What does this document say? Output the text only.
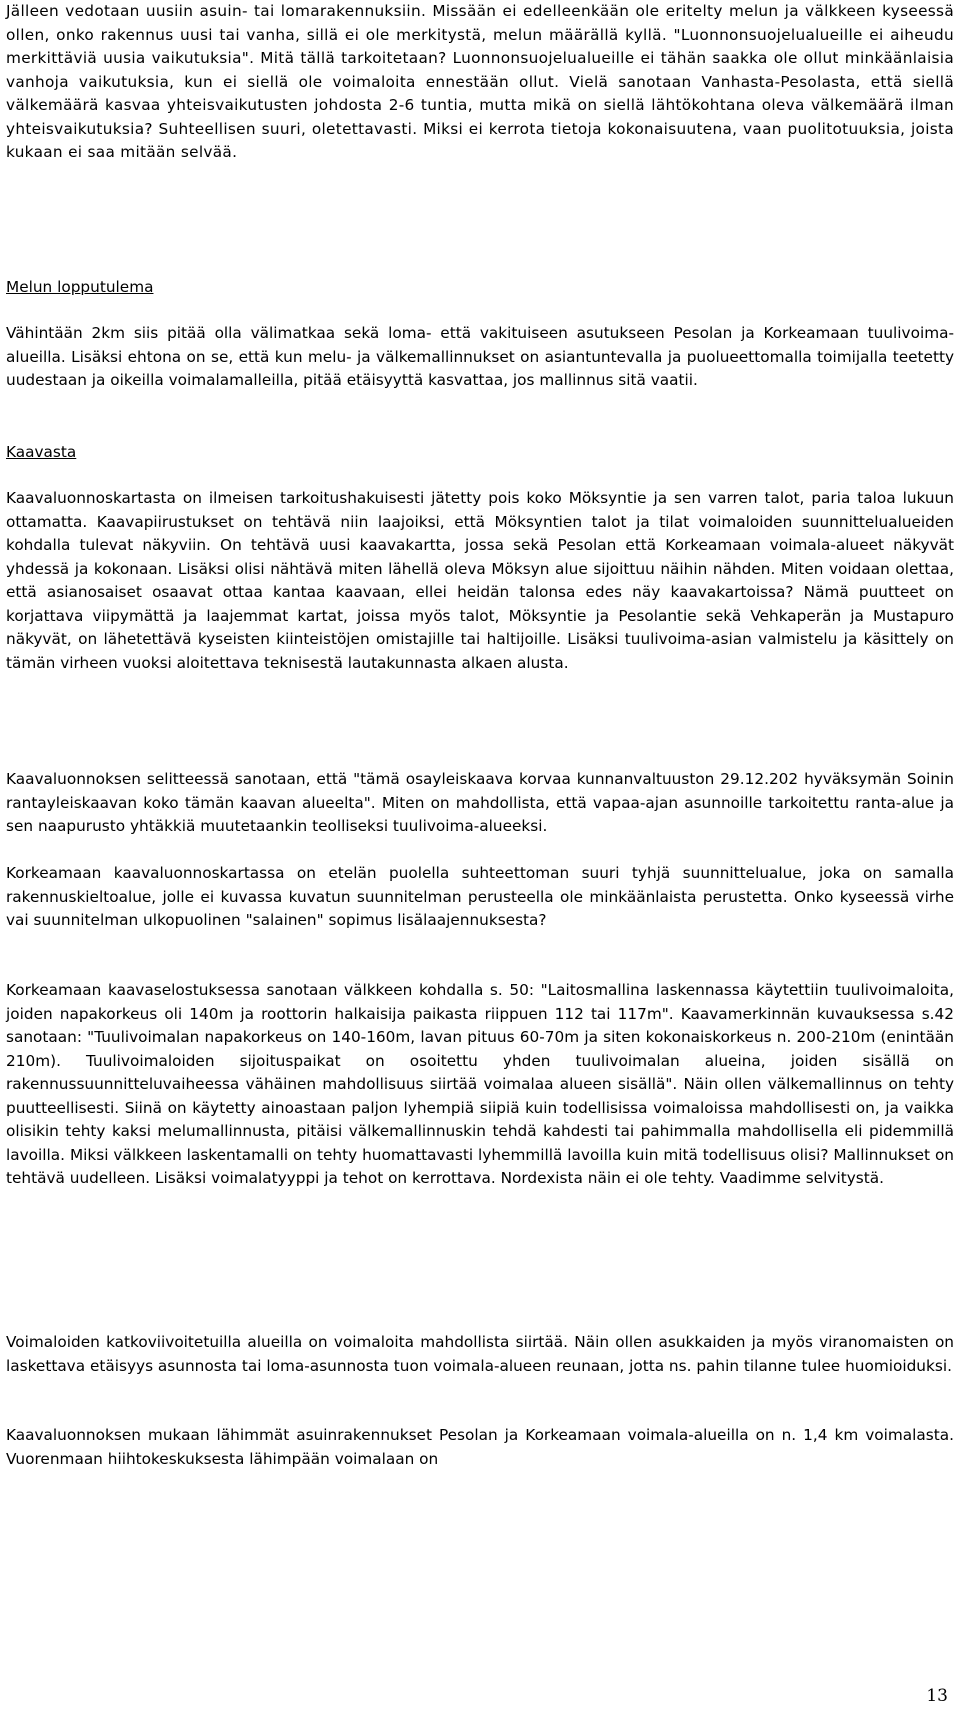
Jälleen vedotaan uusiin asuin- tai lomarakennuksiin. Missään ei edelleenkään ole eritelty melun ja välkkeen kyseessä ollen, onko rakennus uusi tai vanha, sillä ei ole merkitystä, melun määrällä kyllä. "Luonnonsuojelualueille ei aiheudu merkittäviä uusia vaikutuksia". Mitä tällä tarkoitetaan? Luonnonsuojelualueille ei tähän saakka ole ollut minkäänlaisia vanhoja vaikutuksia, kun ei siellä ole voimaloita ennestään ollut. Vielä sanotaan Vanhasta-Pesolasta, että siellä välkemäärä kasvaa yhteisvaikutusten johdosta 2-6 tuntia, mutta mikä on siellä lähtökohtana oleva välkemäärä ilman yhteisvaikutuksia? Suhteellisen suuri, oletettavasti. Miksi ei kerrota tietoja kokonaisuutena, vaan puolitotuuksia, joista kukaan ei saa mitään selvää.

Melun lopputulema

Vähintään 2km siis pitää olla välimatkaa sekä loma- että vakituiseen asutukseen Pesolan ja Korkeamaan tuulivoima-alueilla. Lisäksi ehtona on se, että kun melu- ja välkemallinnukset on asiantuntevalla ja puolueettomalla toimijalla teetetty uudestaan ja oikeilla voimalamalleilla, pitää etäisyyttä kasvattaa, jos mallinnus sitä vaatii.

Kaavasta

Kaavaluonnoskartasta on ilmeisen tarkoitushakuisesti jätetty pois koko Möksyntie ja sen varren talot, paria taloa lukuun ottamatta. Kaavapiirustukset on tehtävä niin laajoiksi, että Möksyntien talot ja tilat voimaloiden suunnittelualueiden kohdalla tulevat näkyviin. On tehtävä uusi kaavakartta, jossa sekä Pesolan että Korkeamaan voimala-alueet näkyvät yhdessä ja kokonaan. Lisäksi olisi nähtävä miten lähellä oleva Möksyn alue sijoittuu näihin nähden. Miten voidaan olettaa, että asianosaiset osaavat ottaa kantaa kaavaan, ellei heidän talonsa edes näy kaavakartoissa? Nämä puutteet on korjattava viipymättä ja laajemmat kartat, joissa myös talot, Möksyntie ja Pesolantie sekä Vehkaperän ja Mustapuro näkyvät, on lähetettävä kyseisten kiinteistöjen omistajille tai haltijoille. Lisäksi tuulivoima-asian valmistelu ja käsittely on tämän virheen vuoksi aloitettava teknisestä lautakunnasta alkaen alusta.

Kaavaluonnoksen selitteessä sanotaan, että "tämä osayleiskaava korvaa kunnanvaltuuston 29.12.202 hyväksymän Soinin rantayleiskaavan koko tämän kaavan alueelta". Miten on mahdollista, että vapaa-ajan asunnoille tarkoitettu ranta-alue ja sen naapurusto yhtäkkiä muutetaankin teolliseksi tuulivoima-alueeksi.

Korkeamaan kaavaluonnoskartassa on etelän puolella suhteettoman suuri tyhjä suunnittelualue, joka on samalla rakennuskieltoalue, jolle ei kuvassa kuvatun suunnitelman perusteella ole minkäänlaista perustetta. Onko kyseessä virhe vai suunnitelman ulkopuolinen "salainen" sopimus lisälaajennuksesta?

Korkeamaan kaavaselostuksessa sanotaan välkkeen kohdalla s. 50: "Laitosmallina laskennassa käytettiin tuulivoimaloita, joiden napakorkeus oli 140m ja roottorin halkaisija paikasta riippuen 112 tai 117m". Kaavamerkinnän kuvauksessa s.42 sanotaan: "Tuulivoimalan napakorkeus on 140-160m, lavan pituus 60-70m ja siten kokonaiskorkeus n. 200-210m (enintään 210m). Tuulivoimaloiden sijoituspaikat on osoitettu yhden tuulivoimalan alueina, joiden sisällä on rakennussuunnitteluvaiheessa vähäinen mahdollisuus siirtää voimalaa alueen sisällä". Näin ollen välkemallinnus on tehty puutteellisesti. Siinä on käytetty ainoastaan paljon lyhempiä siipiä kuin todellisissa voimaloissa mahdollisesti on, ja vaikka olisikin tehty kaksi melumallinnusta, pitäisi välkemallinnuskin tehdä kahdesti tai pahimmalla mahdollisella eli pidemmillä lavoilla. Miksi välkkeen laskentamalli on tehty huomattavasti lyhemmillä lavoilla kuin mitä todellisuus olisi? Mallinnukset on tehtävä uudelleen. Lisäksi voimalatyyppi ja tehot on kerrottava. Nordexista näin ei ole tehty. Vaadimme selvitystä.

Voimaloiden katkoviivoitetuilla alueilla on voimaloita mahdollista siirtää. Näin ollen asukkaiden ja myös viranomaisten on laskettava etäisyys asunnosta tai loma-asunnosta tuon voimala-alueen reunaan, jotta ns. pahin tilanne tulee huomioiduksi.

Kaavaluonnoksen mukaan lähimmät asuinrakennukset Pesolan ja Korkeamaan voimala-alueilla on n. 1,4 km voimalasta. Vuorenmaan hiihtokeskuksesta lähimpään voimalaan on

13
